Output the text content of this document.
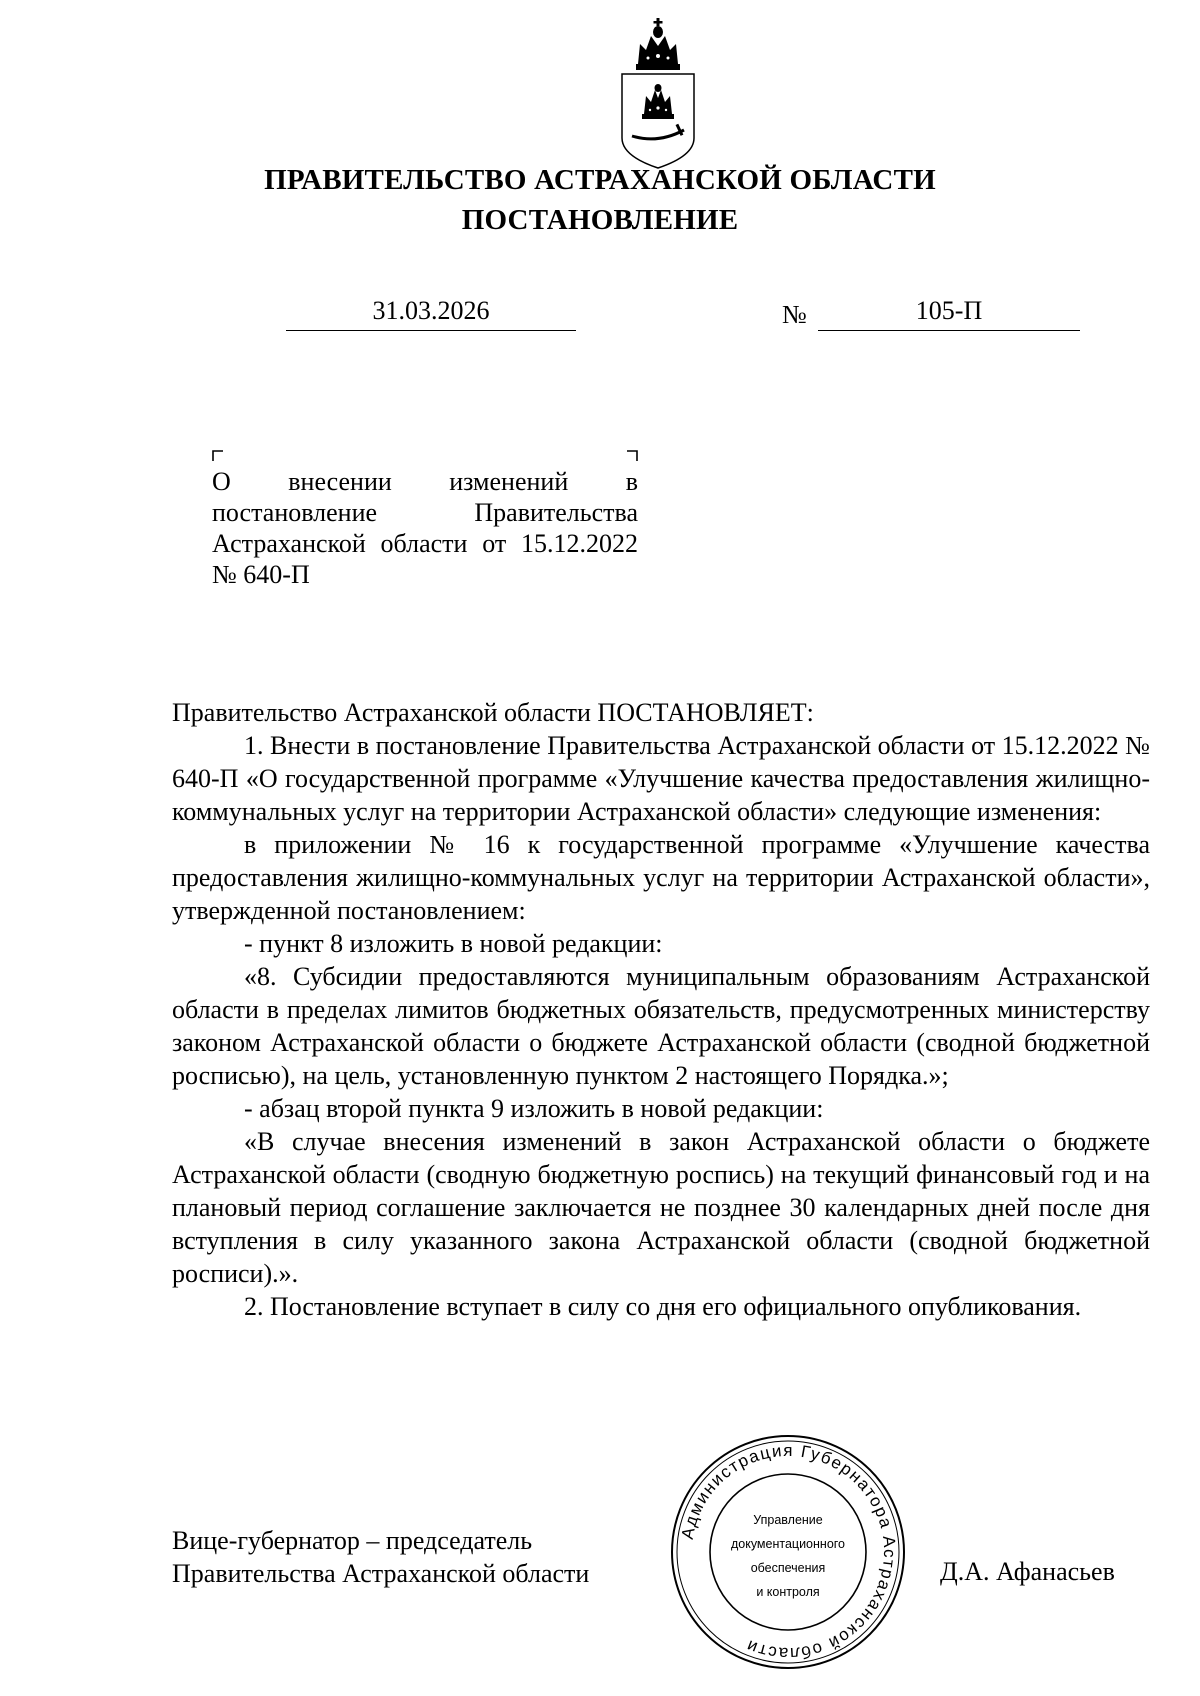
ПРАВИТЕЛЬСТВО АСТРАХАНСКОЙ ОБЛАСТИ
ПОСТАНОВЛЕНИЕ
31.03.2026	№	105-П
О внесении изменений в постановление Правительства Астраханской области от 15.12.2022 № 640-П

Правительство Астраханской области ПОСТАНОВЛЯЕТ:

1. Внести в постановление Правительства Астраханской области от 15.12.2022 № 640-П «О государственной программе «Улучшение качества предоставления жилищно-коммунальных услуг на территории Астраханской области» следующие изменения:

в приложении № 16 к государственной программе «Улучшение качества предоставления жилищно-коммунальных услуг на территории Астраханской области», утвержденной постановлением:

- пункт 8 изложить в новой редакции:

«8. Субсидии предоставляются муниципальным образованиям Астраханской области в пределах лимитов бюджетных обязательств, предусмотренных министерству законом Астраханской области о бюджете Астраханской области (сводной бюджетной росписью), на цель, установленную пунктом 2 настоящего Порядка.»;

- абзац второй пункта 9 изложить в новой редакции:

«В случае внесения изменений в закон Астраханской области о бюджете Астраханской области (сводную бюджетную роспись) на текущий финансовый год и на плановый период соглашение заключается не позднее 30 календарных дней после дня вступления в силу указанного закона Астраханской области (сводной бюджетной росписи).».

2. Постановление вступает в силу со дня его официального опубликования.

Вице-губернатор – председатель
Правительства Астраханской области	Д.А. Афанасьев
Администрация Губернатора Астраханской области
Управление
документационного
обеспечения
и контроля
